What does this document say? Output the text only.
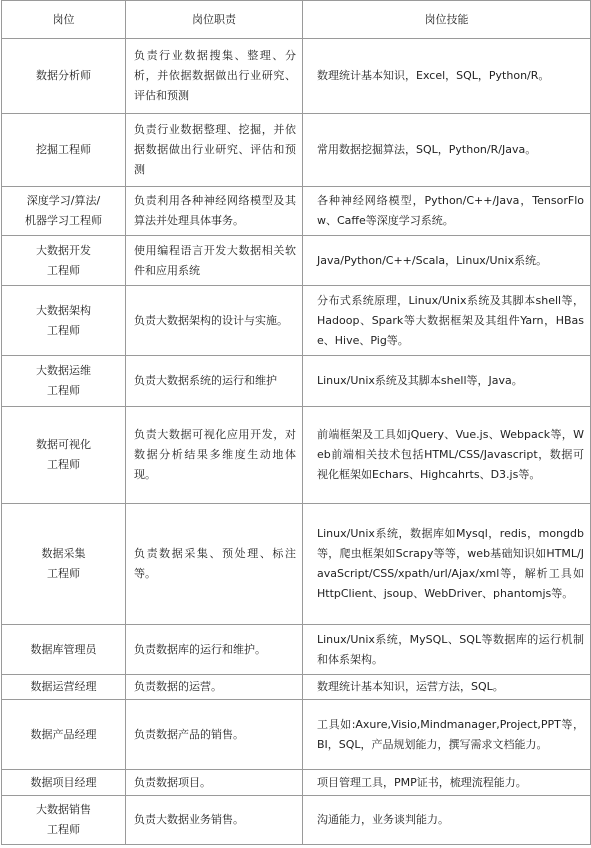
岗位	岗位职责	岗位技能

数据分析师	负责行业数据搜集、整理、分析，并依据数据做出行业研究、评估和预测	数理统计基本知识，Excel，SQL，Python/R。

挖掘工程师	负责行业数据整理、挖掘，并依据数据做出行业研究、评估和预测	常用数据挖掘算法，SQL，Python/R/Java。

深度学习/算法/
机器学习工程师	负责利用各种神经网络模型及其算法并处理具体事务。	各种神经网络模型，Python/C++/Java，TensorFlow、Caffe等深度学习系统。

大数据开发
工程师	使用编程语言开发大数据相关软件和应用系统	Java/Python/C++/Scala，Linux/Unix系统。

大数据架构
工程师	负责大数据架构的设计与实施。	分布式系统原理，Linux/Unix系统及其脚本shell等，Hadoop、Spark等大数据框架及其组件Yarn，HBase、Hive、Pig等。

大数据运维
工程师	负责大数据系统的运行和维护	Linux/Unix系统及其脚本shell等，Java。

数据可视化
工程师	负责大数据可视化应用开发，对数据分析结果多维度生动地体现。	前端框架及工具如jQuery、Vue.js、Webpack等，Web前端相关技术包括HTML/CSS/Javascript，数据可视化框架如Echars、Highcahrts、D3.js等。

数据采集
工程师	负责数据采集、预处理、标注等。	Linux/Unix系统，数据库如Mysql，redis，mongdb等，爬虫框架如Scrapy等等，web基础知识如HTML/JavaScript/CSS/xpath/url/Ajax/xml等，解析工具如HttpClient、jsoup、WebDriver、phantomjs等。

数据库管理员	负责数据库的运行和维护。	Linux/Unix系统，MySQL、SQL等数据库的运行机制和体系架构。

数据运营经理	负责数据的运营。	数理统计基本知识，运营方法，SQL。

数据产品经理	负责数据产品的销售。	工具如:Axure,Visio,Mindmanager,Project,PPT等，BI，SQL，产品规划能力，撰写需求文档能力。

数据项目经理	负责数据项目。	项目管理工具，PMP证书，梳理流程能力。

大数据销售
工程师	负责大数据业务销售。	沟通能力，业务谈判能力。
